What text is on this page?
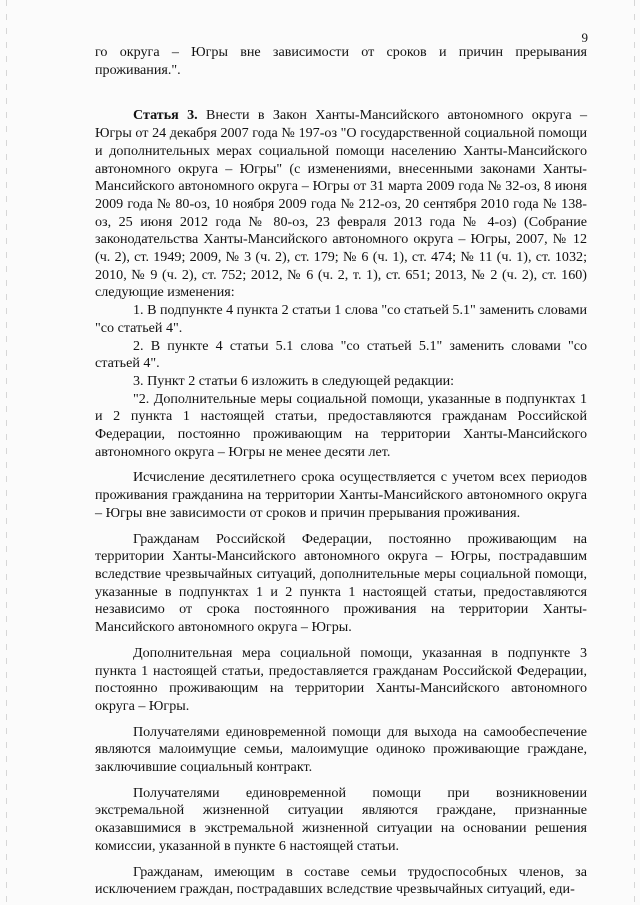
9

го округа – Югры вне зависимости от сроков и причин прерывания проживания.".

Статья 3. Внести в Закон Ханты-Мансийского автономного округа – Югры от 24 декабря 2007 года № 197-оз "О государственной социальной помощи и дополнительных мерах социальной помощи населению Ханты-Мансийского автономного округа – Югры" (с изменениями, внесенными законами Ханты-Мансийского автономного округа – Югры от 31 марта 2009 года № 32-оз, 8 июня 2009 года № 80-оз, 10 ноября 2009 года № 212-оз, 20 сентября 2010 года № 138-оз, 25 июня 2012 года № 80-оз, 23 февраля 2013 года № 4-оз) (Собрание законодательства Ханты-Мансийского автономного округа – Югры, 2007, № 12 (ч. 2), ст. 1949; 2009, № 3 (ч. 2), ст. 179; № 6 (ч. 1), ст. 474; № 11 (ч. 1), ст. 1032; 2010, № 9 (ч. 2), ст. 752; 2012, № 6 (ч. 2, т. 1), ст. 651; 2013, № 2 (ч. 2), ст. 160) следующие изменения:

1. В подпункте 4 пункта 2 статьи 1 слова "со статьей 5.1" заменить словами "со статьей 4".

2. В пункте 4 статьи 5.1 слова "со статьей 5.1" заменить словами "со статьей 4".

3. Пункт 2 статьи 6 изложить в следующей редакции:

"2. Дополнительные меры социальной помощи, указанные в подпунктах 1 и 2 пункта 1 настоящей статьи, предоставляются гражданам Российской Федерации, постоянно проживающим на территории Ханты-Мансийского автономного округа – Югры не менее десяти лет.

Исчисление десятилетнего срока осуществляется с учетом всех периодов проживания гражданина на территории Ханты-Мансийского автономного округа – Югры вне зависимости от сроков и причин прерывания проживания.

Гражданам Российской Федерации, постоянно проживающим на территории Ханты-Мансийского автономного округа – Югры, пострадавшим вследствие чрезвычайных ситуаций, дополнительные меры социальной помощи, указанные в подпунктах 1 и 2 пункта 1 настоящей статьи, предоставляются независимо от срока постоянного проживания на территории Ханты-Мансийского автономного округа – Югры.

Дополнительная мера социальной помощи, указанная в подпункте 3 пункта 1 настоящей статьи, предоставляется гражданам Российской Федерации, постоянно проживающим на территории Ханты-Мансийского автономного округа – Югры.

Получателями единовременной помощи для выхода на самообеспечение являются малоимущие семьи, малоимущие одиноко проживающие граждане, заключившие социальный контракт.

Получателями единовременной помощи при возникновении экстремальной жизненной ситуации являются граждане, признанные оказавшимися в экстремальной жизненной ситуации на основании решения комиссии, указанной в пункте 6 настоящей статьи.

Гражданам, имеющим в составе семьи трудоспособных членов, за исключением граждан, пострадавших вследствие чрезвычайных ситуаций, еди-
